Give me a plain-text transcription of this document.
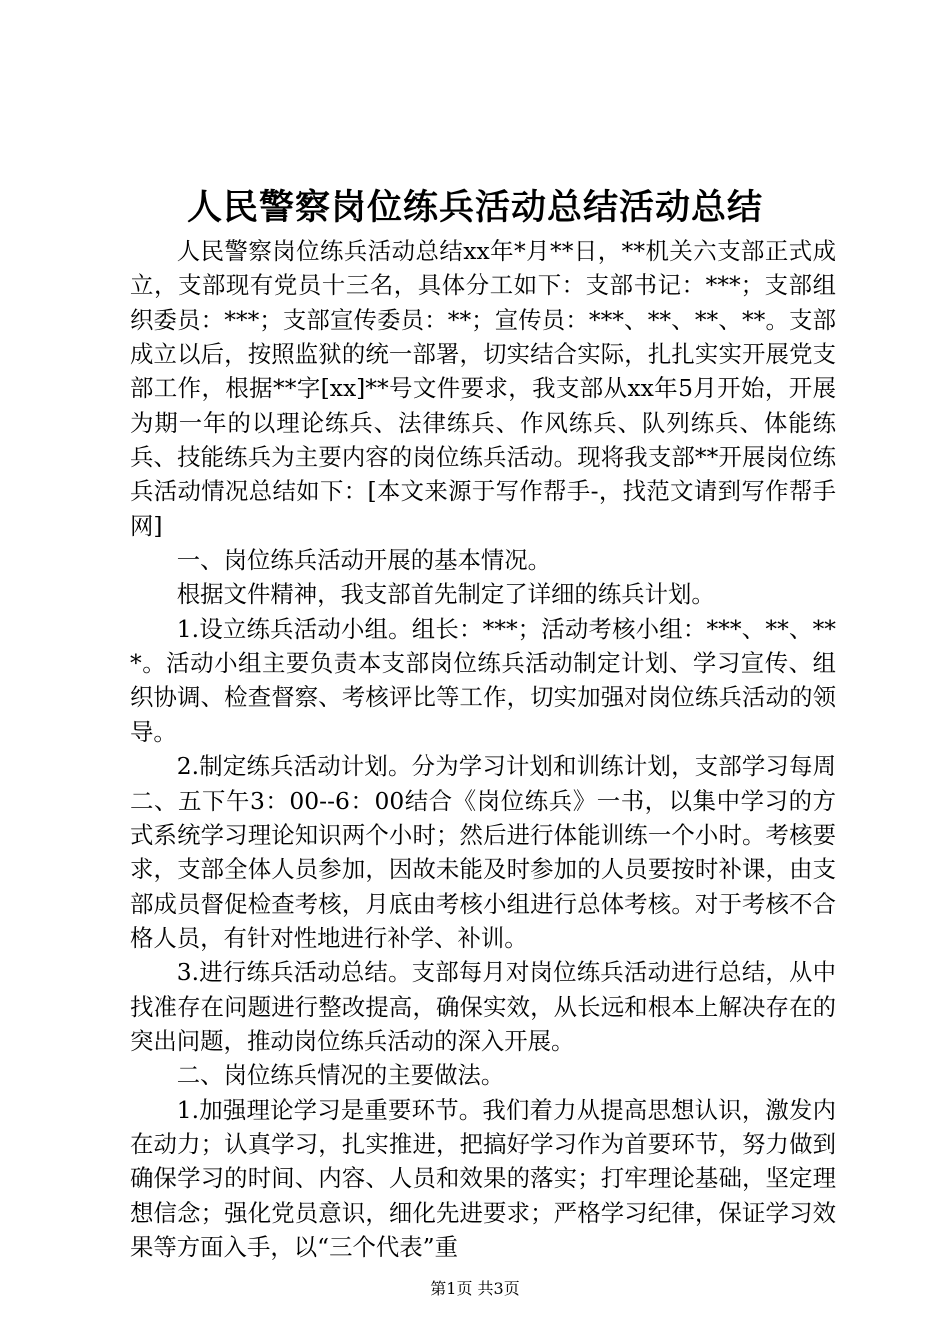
人民警察岗位练兵活动总结活动总结

人民警察岗位练兵活动总结xx年*月**日，**机关六支部正式成立，支部现有党员十三名，具体分工如下：支部书记：***；支部组织委员：***；支部宣传委员：**；宣传员：***、**、**、**。支部成立以后，按照监狱的统一部署，切实结合实际，扎扎实实开展党支部工作，根据**字[xx]**号文件要求，我支部从xx年5月开始，开展为期一年的以理论练兵、法律练兵、作风练兵、队列练兵、体能练兵、技能练兵为主要内容的岗位练兵活动。现将我支部**开展岗位练兵活动情况总结如下：[本文来源于写作帮手-，找范文请到写作帮手网]

一、岗位练兵活动开展的基本情况。

根据文件精神，我支部首先制定了详细的练兵计划。

1.设立练兵活动小组。组长：***；活动考核小组：***、**、***。活动小组主要负责本支部岗位练兵活动制定计划、学习宣传、组织协调、检查督察、考核评比等工作，切实加强对岗位练兵活动的领导。

2.制定练兵活动计划。分为学习计划和训练计划，支部学习每周二、五下午3：00--6：00结合《岗位练兵》一书，以集中学习的方式系统学习理论知识两个小时；然后进行体能训练一个小时。考核要求，支部全体人员参加，因故未能及时参加的人员要按时补课，由支部成员督促检查考核，月底由考核小组进行总体考核。对于考核不合格人员，有针对性地进行补学、补训。

3.进行练兵活动总结。支部每月对岗位练兵活动进行总结，从中找准存在问题进行整改提高，确保实效，从长远和根本上解决存在的突出问题，推动岗位练兵活动的深入开展。

二、岗位练兵情况的主要做法。

1.加强理论学习是重要环节。我们着力从提高思想认识，激发内在动力；认真学习，扎实推进，把搞好学习作为首要环节，努力做到确保学习的时间、内容、人员和效果的落实；打牢理论基础，坚定理想信念；强化党员意识，细化先进要求；严格学习纪律，保证学习效果等方面入手，以“三个代表”重

第1页 共3页
